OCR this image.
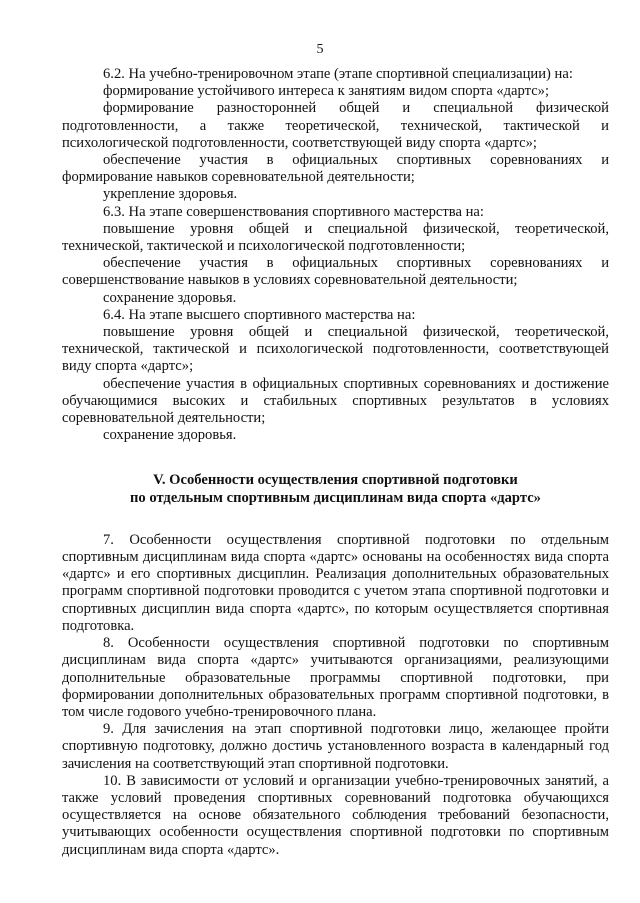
5

6.2. На учебно-тренировочном этапе (этапе спортивной специализации) на:

формирование устойчивого интереса к занятиям видом спорта «дартс»;

формирование разносторонней общей и специальной физической подготовленности, а также теоретической, технической, тактической и психологической подготовленности, соответствующей виду спорта «дартс»;

обеспечение участия в официальных спортивных соревнованиях и формирование навыков соревновательной деятельности;

укрепление здоровья.

6.3. На этапе совершенствования спортивного мастерства на:

повышение уровня общей и специальной физической, теоретической, технической, тактической и психологической подготовленности;

обеспечение участия в официальных спортивных соревнованиях и совершенствование навыков в условиях соревновательной деятельности;

сохранение здоровья.

6.4. На этапе высшего спортивного мастерства на:

повышение уровня общей и специальной физической, теоретической, технической, тактической и психологической подготовленности, соответствующей виду спорта «дартс»;

обеспечение участия в официальных спортивных соревнованиях и достижение обучающимися высоких и стабильных спортивных результатов в условиях соревновательной деятельности;

сохранение здоровья.

V. Особенности осуществления спортивной подготовки
по отдельным спортивным дисциплинам вида спорта «дартс»

7. Особенности осуществления спортивной подготовки по отдельным спортивным дисциплинам вида спорта «дартс» основаны на особенностях вида спорта «дартс» и его спортивных дисциплин. Реализация дополнительных образовательных программ спортивной подготовки проводится с учетом этапа спортивной подготовки и спортивных дисциплин вида спорта «дартс», по которым осуществляется спортивная подготовка.

8. Особенности осуществления спортивной подготовки по спортивным дисциплинам вида спорта «дартс» учитываются организациями, реализующими дополнительные образовательные программы спортивной подготовки, при формировании дополнительных образовательных программ спортивной подготовки, в том числе годового учебно-тренировочного плана.

9. Для зачисления на этап спортивной подготовки лицо, желающее пройти спортивную подготовку, должно достичь установленного возраста в календарный год зачисления на соответствующий этап спортивной подготовки.

10. В зависимости от условий и организации учебно-тренировочных занятий, а также условий проведения спортивных соревнований подготовка обучающихся осуществляется на основе обязательного соблюдения требований безопасности, учитывающих особенности осуществления спортивной подготовки по спортивным дисциплинам вида спорта «дартс».
